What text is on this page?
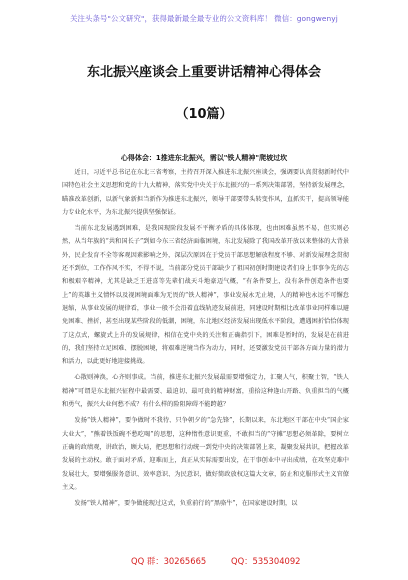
关注头条号"公文研究"，获得最新最全最专业的公文资料库！ 微信：gongwenyj
东北振兴座谈会上重要讲话精神心得体会
（10篇）
心得体会：1推进东北振兴，需以"铁人精神"爬坡过坎

近日，习近平总书记在东北三省考察，主持召开深入推进东北振兴座谈会，强调要认真贯彻新时代中国特色社会主义思想和党的十九大精神，落实党中央关于东北振兴的一系列决策部署，坚持新发展理念，瞄准改革创新，以新气象新担当新作为推进东北振兴，领导干部要带头转变作风，直抓实干，提高领导能力专业化水平，为东北振兴提供坚强保证。

当前东北发展遇到困难，是我国现阶段发展不平衡矛盾的具体体现，也由困难虽然不易，但实则必然，从当年族的“共和国长子”到如今东三省经济面临困境，东北发展除了我国改革开放以来整体的大背景外，民企发育不全等客观因素影响之外，深层次原因在于党员干部思想解放程度不够、对新发展理念贯彻还不到位，工作作风不实，不得不说，当前部分党员干部缺少了祖国初创时期建设者们身上事事争先的志和极艰辛精神，尤其是缺乏王进喜等先辈们战天斗地豪迈气概，“有条件要上，没有条件创造条件也要上”的英雄主义情怀以及视困境面难为无畏的“铁人精神”，事业发展永无止境，人的精神也永远不可懈怠退缩，从事业发展的规律看，事业一般不会沿着直线轨迹发展前进，同建设时期相比改革事业同样难以避免困难、挫折，甚至出现某些阶段的低潮，困境，东北地区经济发展出现低水平阶段，遭遇困折恰恰体现了这点式，螺旋式上升的发展规律，相信在党中央的关注和正确指引下，困难是暂时的，发展是在前进的，我们坚持立足困难、摆脱困境，将艰难逆境当作为动力，同时，还要激发党员干部各方面力量的潜力和活力，以此更好地迎接挑战。

心散则神涣，心齐则事成。当前，推进东北振兴发展最需要增强定力，汇聚人气，积聚士智，“铁人精神”可谓是东北振兴征程中最需要、最迫切、最可贵的精神财富，重拾这种逢山开路、负重担当的气概和勇气，振兴大业何愁不成？有什么样的险阻障碍不能跨越？

发扬“铁人精神”，要争做时不我待、只争朝夕的“急先锋”，长期以来，东北地区干部在中央“国企家大业大”，“熊着铁饭碗不愁吃喝”的思想，这种惰性意识更重，不敢担当的“守摊”思想必须革除，要树立正确的政绩观，讲政治，顾大局，把思想和行动统一到党中央的决策部署上来，凝聚发展共识，把握改革发展的主动权。敢于面对矛盾，迎难而上，真正从实际需要出发，在干事创业中寻出成绩，在攻坚克难中发展壮大，要增强服务意识、效率意识、为民意识，做好简政放权这篇大文章，防止和克服形式主义官僚主义。

发扬“铁人精神”，要争做能现过这式，负重前行的“黑骆牛”，在国家建设时期，以

QQ 群：30265665	QQ：535304092
